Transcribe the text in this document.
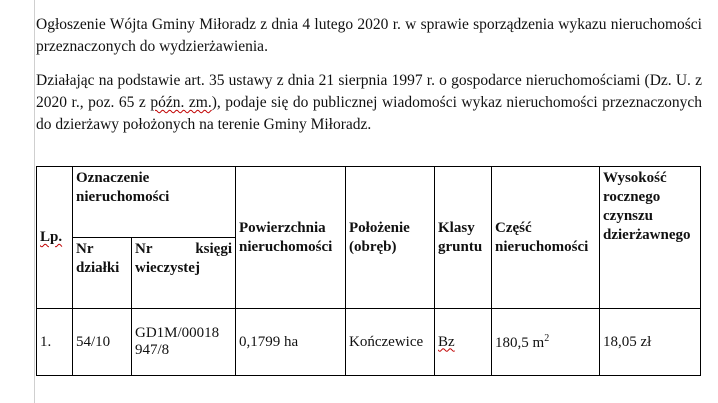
Ogłoszenie Wójta Gminy Miłoradz z dnia 4 lutego 2020 r. w sprawie sporządzenia wykazu nieruchomości przeznaczonych do wydzierżawienia.

Działając na podstawie art. 35 ustawy z dnia 21 sierpnia 1997 r. o gospodarce nieruchomościami (Dz. U. z 2020 r., poz. 65 z późn. zm.), podaje się do publicznej wiadomości wykaz nieruchomości przeznaczonych do dzierżawy położonych na terenie Gminy Miłoradz.

Lp.	Oznaczenie nieruchomości		Powierzchnia nieruchomości	Położenie (obręb)	Klasy gruntu	Część nieruchomości	Wysokość rocznego czynszu dzierżawnego
	Nr działki	Nr księgi
wieczystej					

1.	54/10	GD1M/00018 947/8	0,1799 ha	Kończewice	Bz	180,5 $m^2$	18,05 zł
